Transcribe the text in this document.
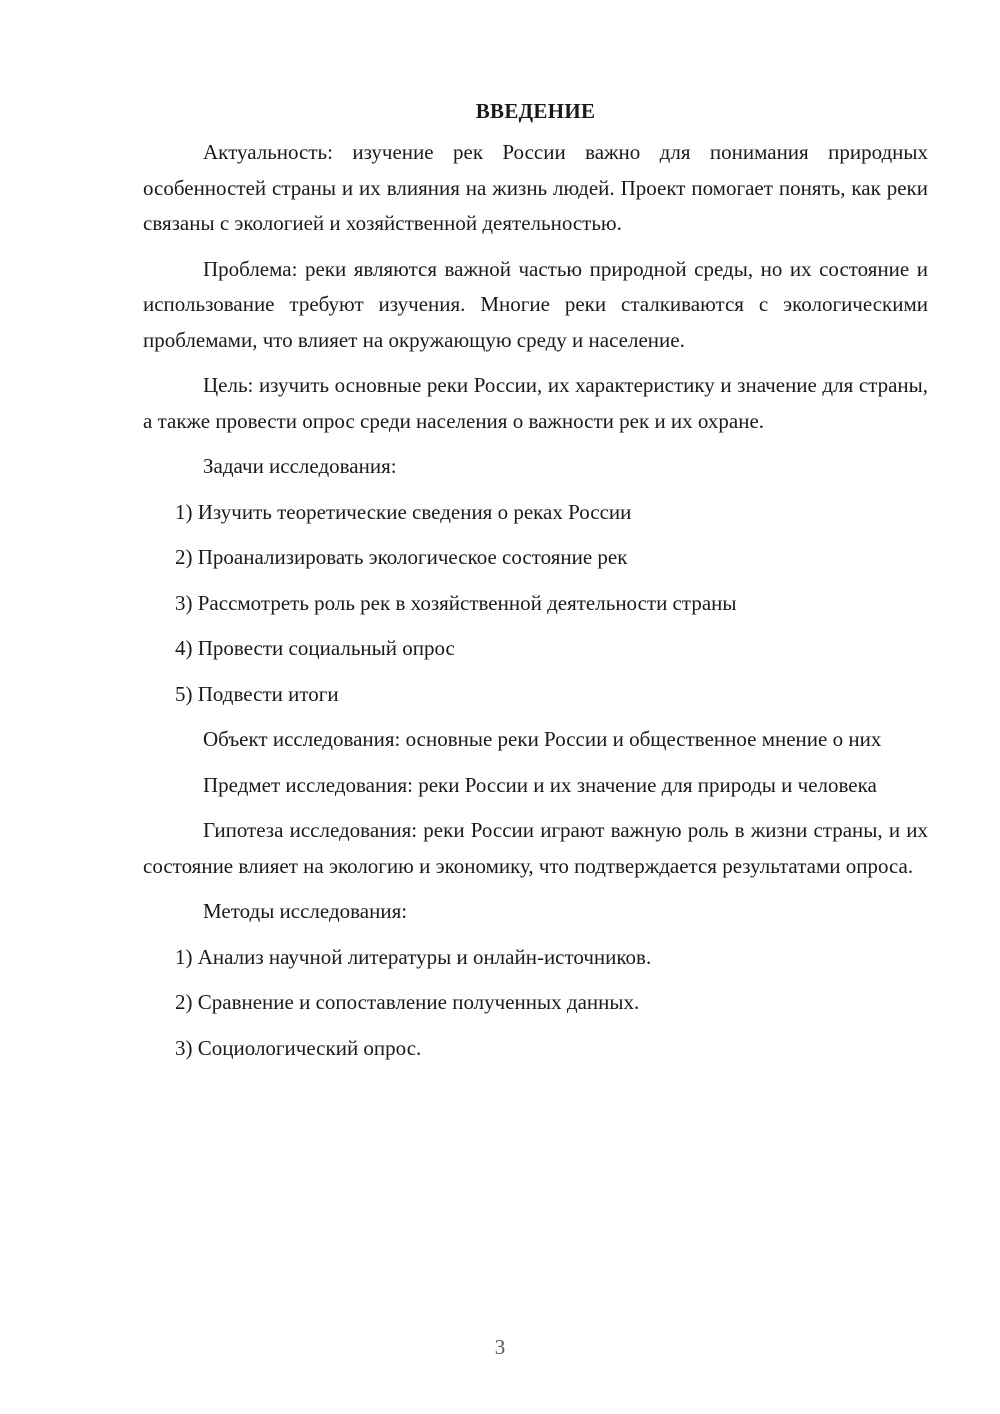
ВВЕДЕНИЕ

Актуальность: изучение рек России важно для понимания природных особенностей страны и их влияния на жизнь людей. Проект помогает понять, как реки связаны с экологией и хозяйственной деятельностью.

Проблема: реки являются важной частью природной среды, но их состояние и использование требуют изучения. Многие реки сталкиваются с экологическими проблемами, что влияет на окружающую среду и население.

Цель: изучить основные реки России, их характеристику и значение для страны, а также провести опрос среди населения о важности рек и их охране.

Задачи исследования:

1) Изучить теоретические сведения о реках России

2) Проанализировать экологическое состояние рек

3) Рассмотреть роль рек в хозяйственной деятельности страны

4) Провести социальный опрос

5) Подвести итоги

Объект исследования: основные реки России и общественное мнение о них

Предмет исследования: реки России и их значение для природы и человека

Гипотеза исследования: реки России играют важную роль в жизни страны, и их состояние влияет на экологию и экономику, что подтверждается результатами опроса.

Методы исследования:

1) Анализ научной литературы и онлайн-источников.

2) Сравнение и сопоставление полученных данных.

3) Социологический опрос.

3
